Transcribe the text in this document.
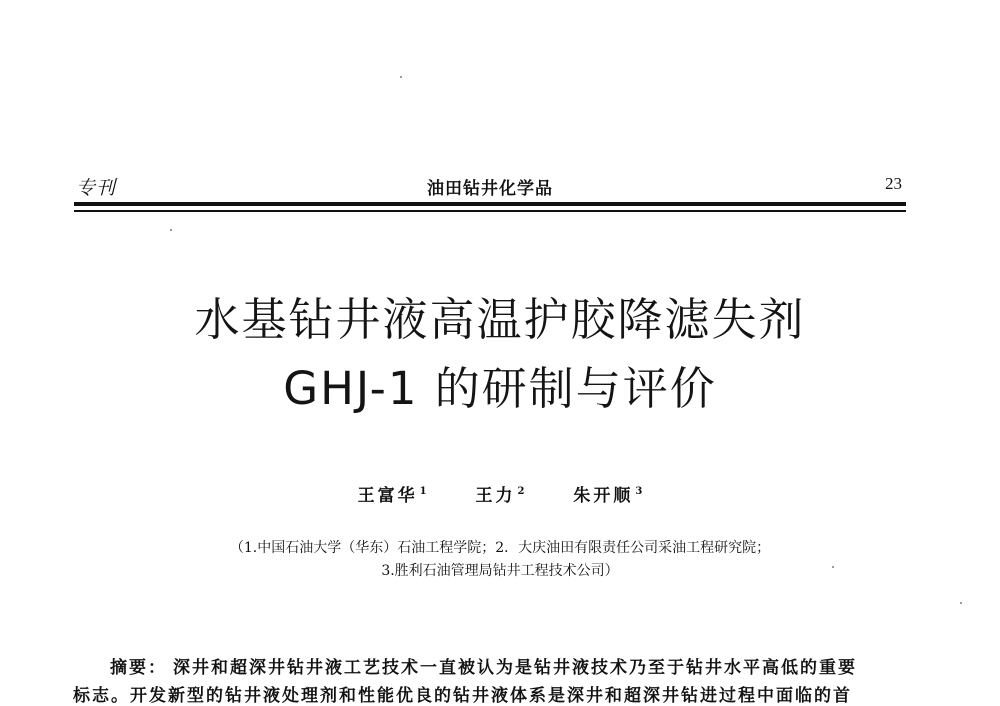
专刊	油田钻井化学品	23
水基钻井液高温护胶降滤失剂
GHJ-1 的研制与评价
王富华 $^1$	王力 $^2$	朱开顺 $^3$
（1.中国石油大学（华东）石油工程学院；2．大庆油田有限责任公司采油工程研究院；
3.胜利石油管理局钻井工程技术公司）
摘要： 深井和超深井钻井液工艺技术一直被认为是钻井液技术乃至于钻井水平高低的重要
标志。开发新型的钻井液处理剂和性能优良的钻井液体系是深井和超深井钻进过程中面临的首
